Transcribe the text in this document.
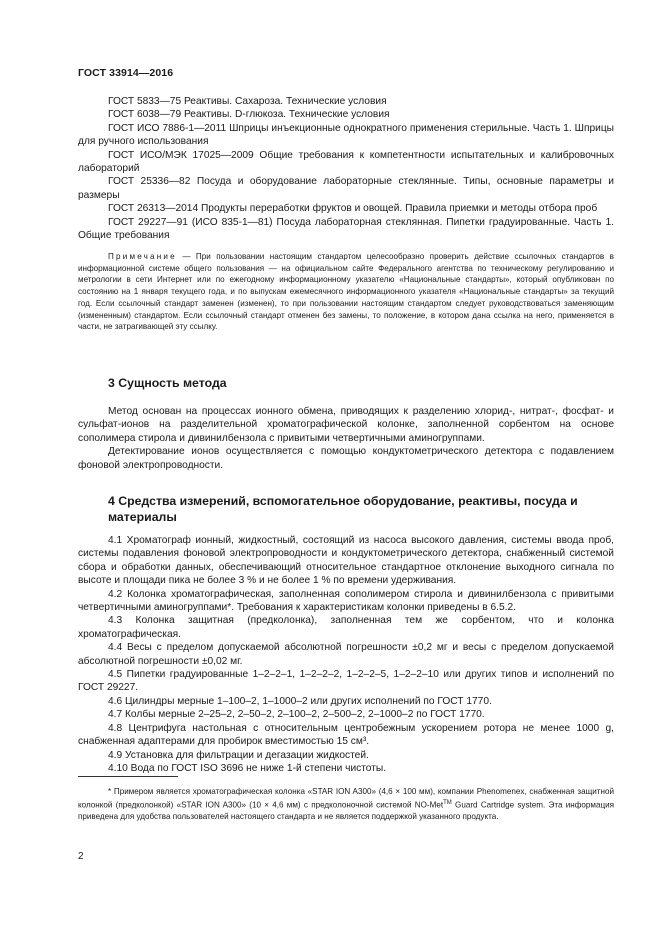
ГОСТ 33914—2016

ГОСТ 5833—75 Реактивы. Сахароза. Технические условия

ГОСТ 6038—79 Реактивы. D-глюкоза. Технические условия

ГОСТ ИСО 7886-1—2011 Шприцы инъекционные однократного применения стерильные. Часть 1. Шприцы для ручного использования

ГОСТ ИСО/МЭК 17025—2009 Общие требования к компетентности испытательных и калибровочных лабораторий

ГОСТ 25336—82 Посуда и оборудование лабораторные стеклянные. Типы, основные параметры и размеры

ГОСТ 26313—2014 Продукты переработки фруктов и овощей. Правила приемки и методы отбора проб

ГОСТ 29227—91 (ИСО 835-1—81) Посуда лабораторная стеклянная. Пипетки градуированные. Часть 1. Общие требования

Примечание — При пользовании настоящим стандартом целесообразно проверить действие ссылочных стандартов в информационной системе общего пользования — на официальном сайте Федерального агентства по техническому регулированию и метрологии в сети Интернет или по ежегодному информационному указателю «Национальные стандарты», который опубликован по состоянию на 1 января текущего года, и по выпускам ежемесячного информационного указателя «Национальные стандарты» за текущий год. Если ссылочный стандарт заменен (изменен), то при пользовании настоящим стандартом следует руководствоваться заменяющим (измененным) стандартом. Если ссылочный стандарт отменен без замены, то положение, в котором дана ссылка на него, применяется в части, не затрагивающей эту ссылку.

3 Сущность метода

Метод основан на процессах ионного обмена, приводящих к разделению хлорид-, нитрат-, фосфат- и сульфат-ионов на разделительной хроматографической колонке, заполненной сорбентом на основе сополимера стирола и дивинилбензола с привитыми четвертичными аминогруппами.

Детектирование ионов осуществляется с помощью кондуктометрического детектора с подавлением фоновой электропроводности.

4 Средства измерений, вспомогательное оборудование, реактивы, посуда и материалы

4.1 Хроматограф ионный, жидкостный, состоящий из насоса высокого давления, системы ввода проб, системы подавления фоновой электропроводности и кондуктометрического детектора, снабженный системой сбора и обработки данных, обеспечивающий относительное стандартное отклонение выходного сигнала по высоте и площади пика не более 3 % и не более 1 % по времени удерживания.

4.2 Колонка хроматографическая, заполненная сополимером стирола и дивинилбензола с привитыми четвертичными аминогруппами*. Требования к характеристикам колонки приведены в 6.5.2.

4.3 Колонка защитная (предколонка), заполненная тем же сорбентом, что и колонка хроматографическая.

4.4 Весы с пределом допускаемой абсолютной погрешности ±0,2 мг и весы с пределом допускаемой абсолютной погрешности ±0,02 мг.

4.5 Пипетки градуированные 1–2–2–1, 1–2–2–2, 1–2–2–5, 1–2–2–10 или других типов и исполнений по ГОСТ 29227.

4.6 Цилиндры мерные 1–100–2, 1–1000–2 или других исполнений по ГОСТ 1770.

4.7 Колбы мерные 2–25–2, 2–50–2, 2–100–2, 2–500–2, 2–1000–2 по ГОСТ 1770.

4.8 Центрифуга настольная с относительным центробежным ускорением ротора не менее 1000 g, снабженная адаптерами для пробирок вместимостью 15 см³.

4.9 Установка для фильтрации и дегазации жидкостей.

4.10 Вода по ГОСТ ISO 3696 не ниже 1-й степени чистоты.

* Примером является хроматографическая колонка «STAR ION A300» (4,6 × 100 мм), компании Phenomenex, снабженная защитной колонкой (предколонкой) «STAR ION A300» (10 × 4,6 мм) с предколоночной системой NO-Met™ Guard Cartridge system. Эта информация приведена для удобства пользователей настоящего стандарта и не является поддержкой указанного продукта.

2
